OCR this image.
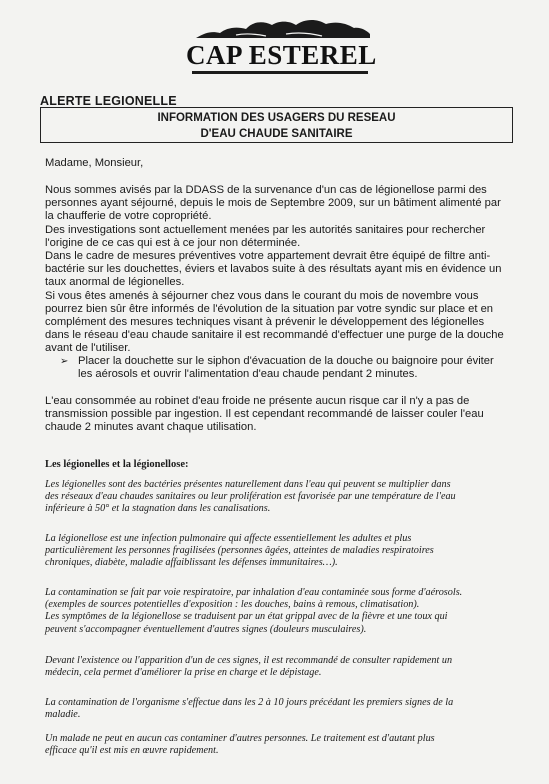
CAP ESTEREL
ALERTE LEGIONELLE
INFORMATION DES USAGERS DU RESEAU
D'EAU CHAUDE SANITAIRE
Madame, Monsieur,
Nous sommes avisés par la DDASS de la survenance d'un cas de légionellose parmi des
personnes ayant séjourné, depuis le mois de Septembre 2009, sur un bâtiment alimenté par
la chaufferie de votre copropriété.
Des investigations sont actuellement menées par les autorités sanitaires pour rechercher
l'origine de ce cas qui est à ce jour non déterminée.
Dans le cadre de mesures préventives votre appartement devrait être équipé de filtre anti-
bactérie sur les douchettes, éviers et lavabos suite à des résultats ayant mis en évidence un
taux anormal de légionelles.
Si vous êtes amenés à séjourner chez vous dans le courant du mois de novembre vous
pourrez bien sûr être informés de l'évolution de la situation par votre syndic sur place et en
complément des mesures techniques visant à prévenir le développement des légionelles
dans le réseau d'eau chaude sanitaire il est recommandé d'effectuer une purge de la douche
avant de l'utiliser.
➢ Placer la douchette sur le siphon d'évacuation de la douche ou baignoire pour éviter
les aérosols et ouvrir l'alimentation d'eau chaude pendant 2 minutes.
L'eau consommée au robinet d'eau froide ne présente aucun risque car il n'y a pas de
transmission possible par ingestion. Il est cependant recommandé de laisser couler l'eau
chaude 2 minutes avant chaque utilisation.
Les légionelles et la légionellose:
Les légionelles sont des bactéries présentes naturellement dans l'eau qui peuvent se multiplier dans
des réseaux d'eau chaudes sanitaires ou leur prolifération est favorisée par une température de l'eau
inférieure à 50° et la stagnation dans les canalisations.
La légionellose est une infection pulmonaire qui affecte essentiellement les adultes et plus
particulièrement les personnes fragilisées (personnes âgées, atteintes de maladies respiratoires
chroniques, diabète, maladie affaiblissant les défenses immunitaires…).
La contamination se fait par voie respiratoire, par inhalation d'eau contaminée sous forme d'aérosols.
(exemples de sources potentielles d'exposition : les douches, bains à remous, climatisation).
Les symptômes de la légionellose se traduisent par un état grippal avec de la fièvre et une toux qui
peuvent s'accompagner éventuellement d'autres signes (douleurs musculaires).
Devant l'existence ou l'apparition d'un de ces signes, il est recommandé de consulter rapidement un
médecin, cela permet d'améliorer la prise en charge et le dépistage.
La contamination de l'organisme s'effectue dans les 2 à 10 jours précédant les premiers signes de la
maladie.
Un malade ne peut en aucun cas contaminer d'autres personnes. Le traitement est d'autant plus
efficace qu'il est mis en œuvre rapidement.
